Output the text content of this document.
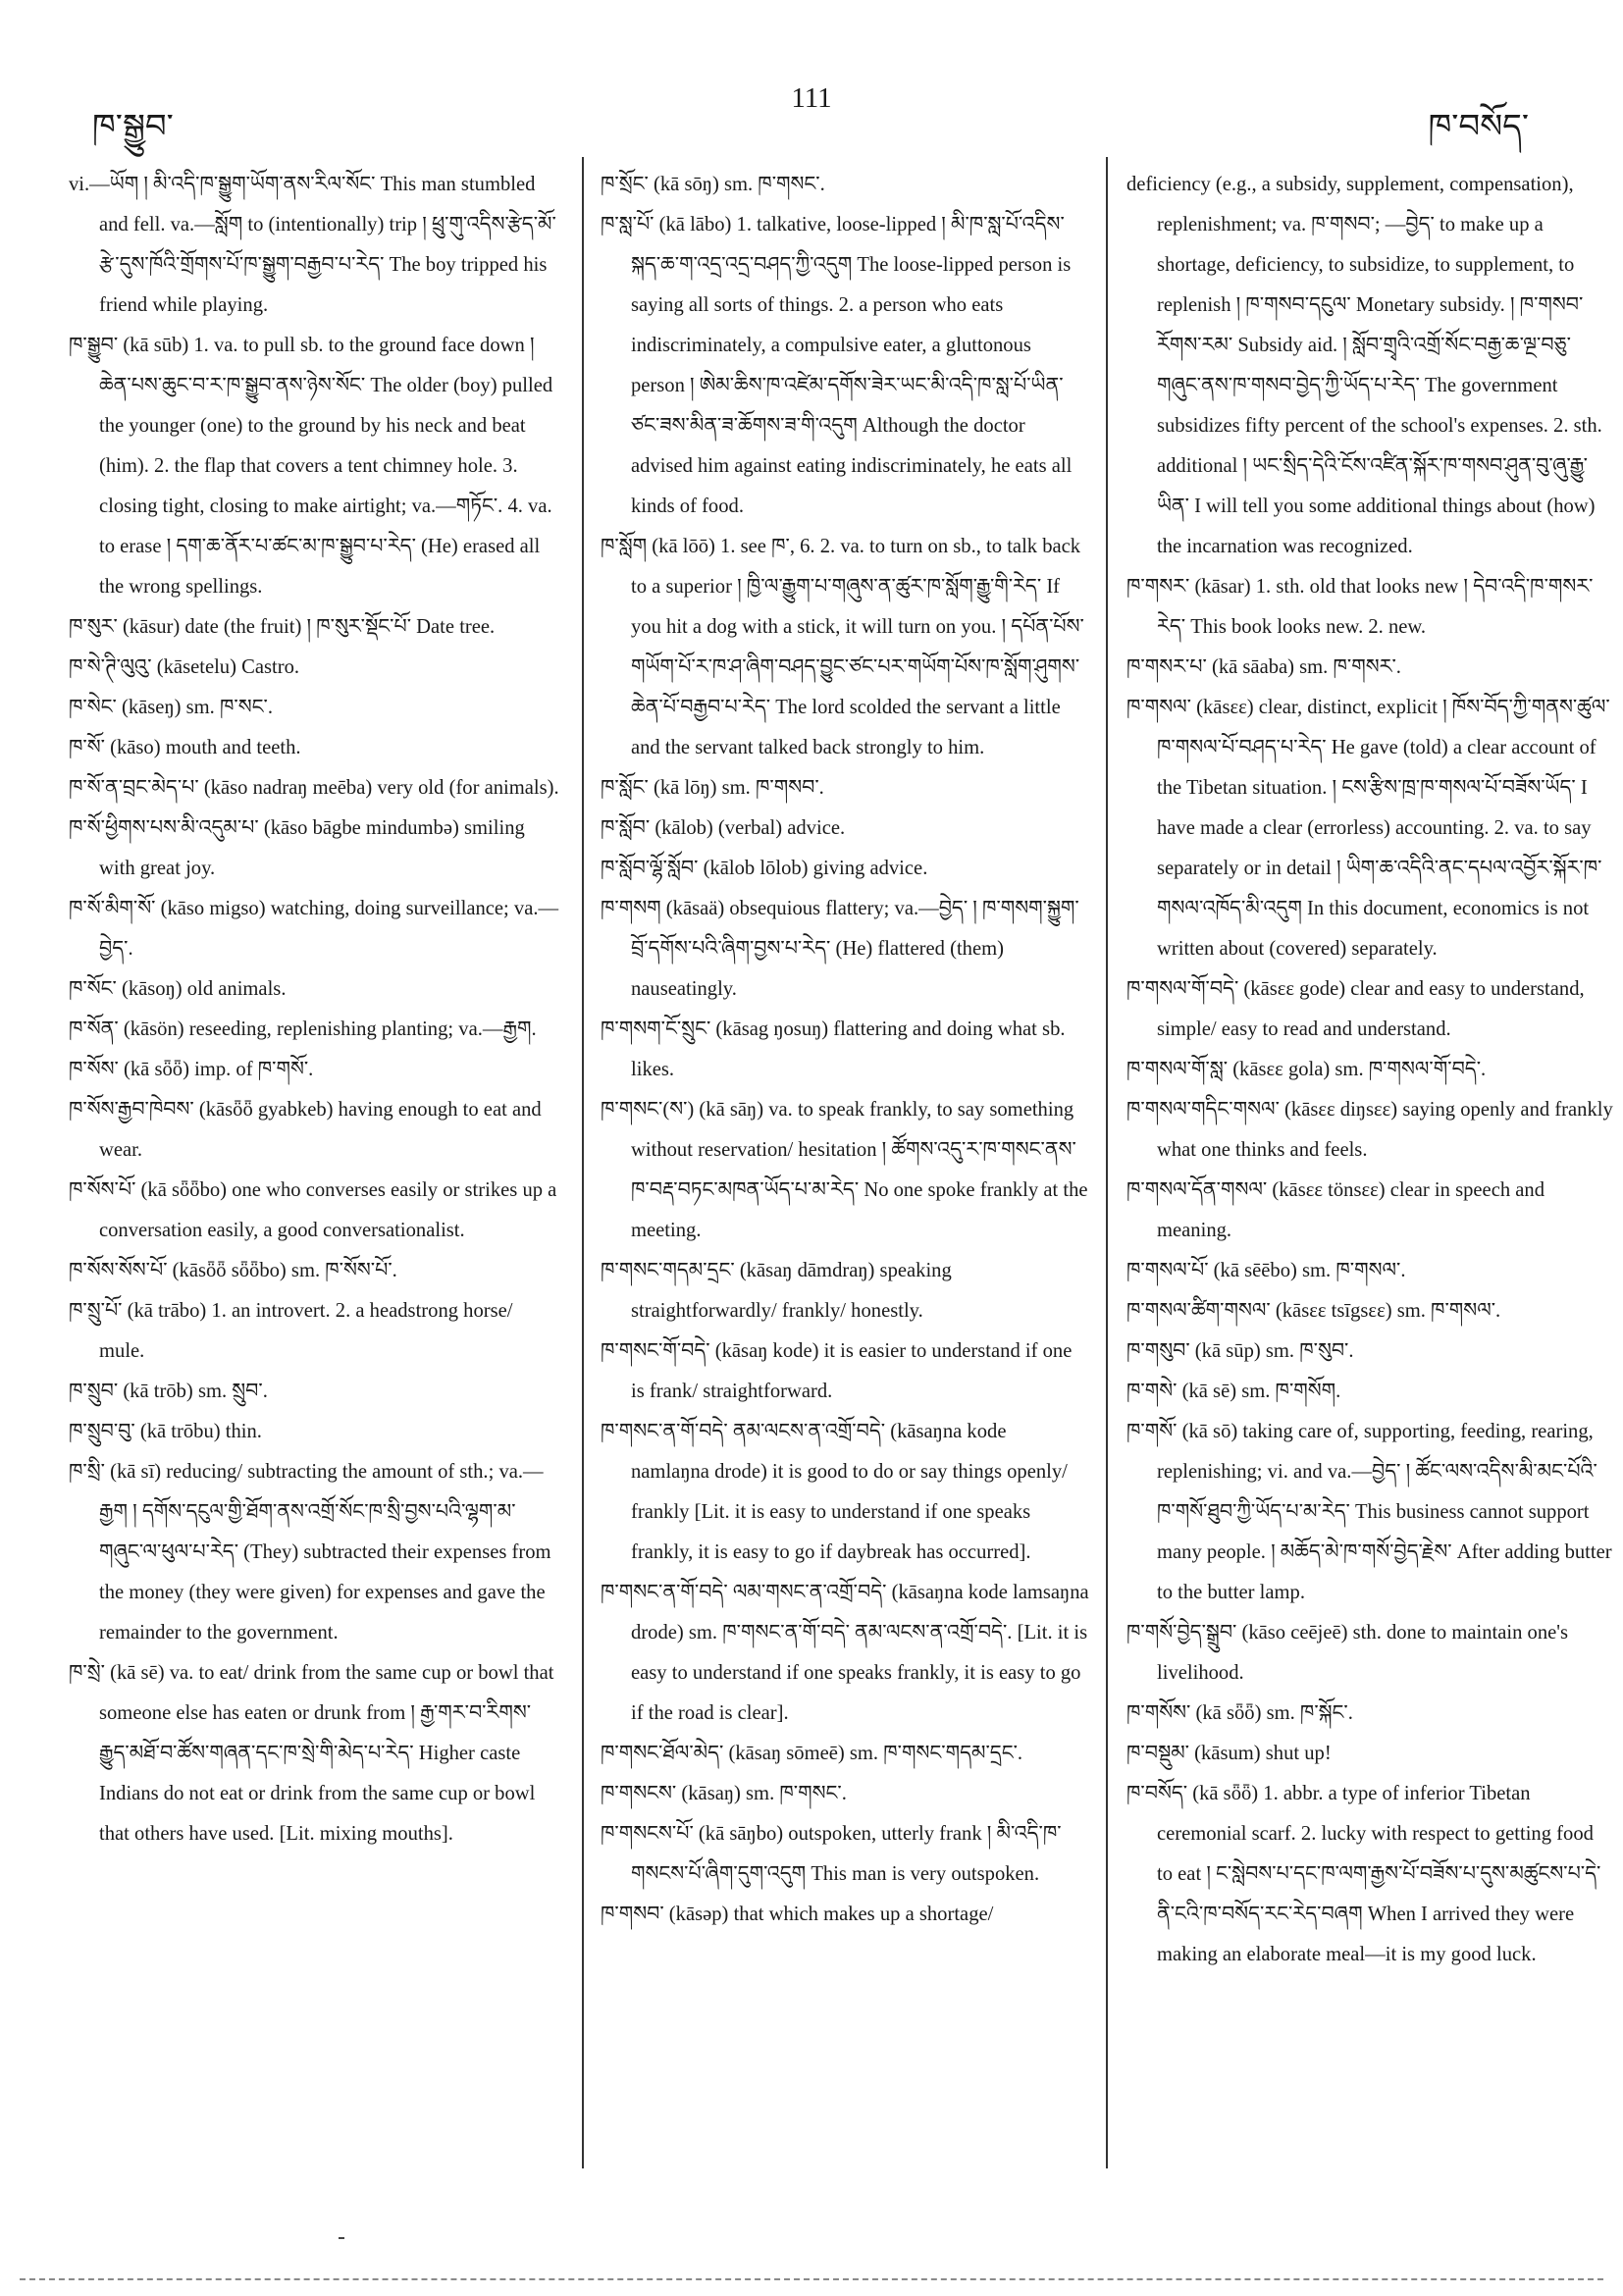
ཁ་སྒྱུབ་
111
ཁ་བསོད་

vi.—ཡོག ། མི་འདི་ཁ་སྒྱུག་ཡོག་ནས་རིལ་སོང་ This man stumbled and fell. va.—སློག to (intentionally) trip ། ཕྲུ་གུ་འདིས་རྩེད་མོ་རྩེ་དུས་ཁོའི་གྲོགས་པོ་ཁ་སྒྱུག་བརྒྱབ་པ་རེད་ The boy tripped his friend while playing.

ཁ་སྒྱུབ་ (kā sūb) 1. va. to pull sb. to the ground face down ། ཆེན་པས་ཆུང་བ་ར་ཁ་སྒྱུབ་ནས་ཉེས་སོང་ The older (boy) pulled the younger (one) to the ground by his neck and beat (him). 2. the flap that covers a tent chimney hole. 3. closing tight, closing to make airtight; va.—གཏོང་. 4. va. to erase ། དག་ཆ་ནོར་པ་ཚང་མ་ཁ་སྒྱུབ་པ་རེད་ (He) erased all the wrong spellings.

ཁ་སུར་ (kāsur) date (the fruit) ། ཁ་སུར་སྡོང་པོ་ Date tree.

ཁ་སེ་ཊི་ལུའུ་ (kāsetelu) Castro.

ཁ་སེང་ (kāseŋ) sm. ཁ་སང་.

ཁ་སོ་ (kāso) mouth and teeth.

ཁ་སོ་ན་བྲང་མེད་པ་ (kāso nadraŋ meēba) very old (for animals).

ཁ་སོ་ཕྱིགས་པས་མི་འདུམ་པ་ (kāso bāgbe mindumbə) smiling with great joy.

ཁ་སོ་མིག་སོ་ (kāso migso) watching, doing surveillance; va.—བྱེད་.

ཁ་སོང་ (kāsoŋ) old animals.

ཁ་སོན་ (kāsön) reseeding, replenishing planting; va.—རྒྱག.

ཁ་སོས་ (kā sȫȫ) imp. of ཁ་གསོ་.

ཁ་སོས་རྒྱབ་ཁེབས་ (kāsȫȫ gyabkeb) having enough to eat and wear.

ཁ་སོས་པོ་ (kā sȫȫbo) one who converses easily or strikes up a conversation easily, a good conversationalist.

ཁ་སོས་སོས་པོ་ (kāsȫȫ sȫȫbo) sm. ཁ་སོས་པོ་.

ཁ་སྲུ་པོ་ (kā trābo) 1. an introvert. 2. a headstrong horse/ mule.

ཁ་སྲུབ་ (kā trōb) sm. སྲུབ་.

ཁ་སྲུབ་བུ་ (kā trōbu) thin.

ཁ་སྲི་ (kā sī) reducing/ subtracting the amount of sth.; va.—རྒྱག ། དགོས་དངུལ་གྱི་ཐོག་ནས་འགྲོ་སོང་ཁ་སྲི་བྱས་པའི་ལྷག་མ་གཞུང་ལ་ཕུལ་པ་རེད་ (They) subtracted their expenses from the money (they were given) for expenses and gave the remainder to the government.

ཁ་སྲེ་ (kā sē) va. to eat/ drink from the same cup or bowl that someone else has eaten or drunk from ། རྒྱ་གར་བ་རིགས་རྒྱུད་མཐོ་བ་ཚོས་གཞན་དང་ཁ་སྲེ་གི་མེད་པ་རེད་ Higher caste Indians do not eat or drink from the same cup or bowl that others have used. [Lit. mixing mouths].

ཁ་སྲོང་ (kā sōŋ) sm. ཁ་གསང་.

ཁ་སླ་པོ་ (kā lābo) 1. talkative, loose-lipped ། མི་ཁ་སླ་པོ་འདིས་སྐད་ཆ་ག་འདྲ་འདྲ་བཤད་ཀྱི་འདུག The loose-lipped person is saying all sorts of things. 2. a person who eats indiscriminately, a compulsive eater, a gluttonous person ། ཨེམ་ཆིས་ཁ་འཛེམ་དགོས་ཟེར་ཡང་མི་འདི་ཁ་སླ་པོ་ཡིན་ཙང་ཟས་མིན་ཟ་ཆོགས་ཟ་གི་འདུག Although the doctor advised him against eating indiscriminately, he eats all kinds of food.

ཁ་སློག (kā lōō) 1. see ཁ་, 6. 2. va. to turn on sb., to talk back to a superior ། ཁྱི་ལ་རྒྱུག་པ་གཞུས་ན་ཚུར་ཁ་སློག་རྒྱུ་གི་རེད་ If you hit a dog with a stick, it will turn on you. ། དཔོན་པོས་གཡོག་པོ་ར་ཁ་ཤ་ཞིག་བཤད་བྱུང་ཙང་པར་གཡོག་པོས་ཁ་སློག་ཤུགས་ཆེན་པོ་བརྒྱབ་པ་རེད་ The lord scolded the servant a little and the servant talked back strongly to him.

ཁ་སློང་ (kā lōŋ) sm. ཁ་གསབ་.

ཁ་སློབ་ (kālob) (verbal) advice.

ཁ་སློབ་ལྷོ་སློབ་ (kālob lōlob) giving advice.

ཁ་གསག (kāsaä) obsequious flattery; va.—བྱེད་ ། ཁ་གསག་སྐྱུག་བྲོ་དགོས་པའི་ཞིག་བྱས་པ་རེད་ (He) flattered (them) nauseatingly.

ཁ་གསག་ངོ་སྲུང་ (kāsag ŋosuŋ) flattering and doing what sb. likes.

ཁ་གསང་(ས་) (kā sāŋ) va. to speak frankly, to say something without reservation/ hesitation ། ཚོགས་འདུ་ར་ཁ་གསང་ནས་ཁ་བརྡ་བཏང་མཁན་ཡོད་པ་མ་རེད་ No one spoke frankly at the meeting.

ཁ་གསང་གདམ་དྲང་ (kāsaŋ dāmdraŋ) speaking straightforwardly/ frankly/ honestly.

ཁ་གསང་གོ་བདེ་ (kāsaŋ kode) it is easier to understand if one is frank/ straightforward.

ཁ་གསང་ན་གོ་བདེ་ ནམ་ལངས་ན་འགྲོ་བདེ་ (kāsaŋna kode namlaŋna drode) it is good to do or say things openly/ frankly [Lit. it is easy to understand if one speaks frankly, it is easy to go if daybreak has occurred].

ཁ་གསང་ན་གོ་བདེ་ ལམ་གསང་ན་འགྲོ་བདེ་ (kāsaŋna kode lamsaŋna drode) sm. ཁ་གསང་ན་གོ་བདེ་ ནམ་ལངས་ན་འགྲོ་བདེ་. [Lit. it is easy to understand if one speaks frankly, it is easy to go if the road is clear].

ཁ་གསང་ཐོལ་མེད་ (kāsaŋ sōmeē) sm. ཁ་གསང་གདམ་དྲང་.

ཁ་གསངས་ (kāsaŋ) sm. ཁ་གསང་.

ཁ་གསངས་པོ་ (kā sāŋbo) outspoken, utterly frank ། མི་འདི་ཁ་གསངས་པོ་ཞིག་དུག་འདུག This man is very outspoken.

ཁ་གསབ་ (kāsəp) that which makes up a shortage/

deficiency (e.g., a subsidy, supplement, compensation), replenishment; va. ཁ་གསབ་; —བྱེད་ to make up a shortage, deficiency, to subsidize, to supplement, to replenish ། ཁ་གསབ་དངུལ་ Monetary subsidy. ། ཁ་གསབ་རོགས་རམ་ Subsidy aid. ། སློབ་གྲྭའི་འགྲོ་སོང་བརྒྱ་ཆ་ལྔ་བཅུ་གཞུང་ནས་ཁ་གསབ་བྱེད་ཀྱི་ཡོད་པ་རེད་ The government subsidizes fifty percent of the school's expenses. 2. sth. additional ། ཡང་སྲིད་དེའི་ངོས་འཛིན་སྐོར་ཁ་གསབ་ཤུན་བུ་ཞུ་རྒྱུ་ཡིན་ I will tell you some additional things about (how) the incarnation was recognized.

ཁ་གསར་ (kāsar) 1. sth. old that looks new ། དེབ་འདི་ཁ་གསར་རེད་ This book looks new. 2. new.

ཁ་གསར་པ་ (kā sāaba) sm. ཁ་གསར་.

ཁ་གསལ་ (kāsεε) clear, distinct, explicit ། ཁོས་བོད་ཀྱི་གནས་ཚུལ་ཁ་གསལ་པོ་བཤད་པ་རེད་ He gave (told) a clear account of the Tibetan situation. ། ངས་རྩིས་ཁྲ་ཁ་གསལ་པོ་བཟོས་ཡོད་ I have made a clear (errorless) accounting. 2. va. to say separately or in detail ། ཡིག་ཆ་འདིའི་ནང་དཔལ་འབྱོར་སྐོར་ཁ་གསལ་འཁོད་མི་འདུག In this document, economics is not written about (covered) separately.

ཁ་གསལ་གོ་བདེ་ (kāsεε gode) clear and easy to understand, simple/ easy to read and understand.

ཁ་གསལ་གོ་སླ་ (kāsεε gola) sm. ཁ་གསལ་གོ་བདེ་.

ཁ་གསལ་གདིང་གསལ་ (kāsεε diŋsεε) saying openly and frankly what one thinks and feels.

ཁ་གསལ་དོན་གསལ་ (kāsεε tönsεε) clear in speech and meaning.

ཁ་གསལ་པོ་ (kā sēēbo) sm. ཁ་གསལ་.

ཁ་གསལ་ཚིག་གསལ་ (kāsεε tsīgsεε) sm. ཁ་གསལ་.

ཁ་གསུབ་ (kā sūp) sm. ཁ་སུབ་.

ཁ་གསེ་ (kā sē) sm. ཁ་གསོག.

ཁ་གསོ་ (kā sō) taking care of, supporting, feeding, rearing, replenishing; vi. and va.—བྱེད་ ། ཚོང་ལས་འདིས་མི་མང་པོའི་ཁ་གསོ་ཐུབ་ཀྱི་ཡོད་པ་མ་རེད་ This business cannot support many people. ། མཆོད་མེ་ཁ་གསོ་བྱེད་རྗེས་ After adding butter to the butter lamp.

ཁ་གསོ་བྱེད་སྒྲུབ་ (kāso ceējeē) sth. done to maintain one's livelihood.

ཁ་གསོས་ (kā sȫȫ) sm. ཁ་སྐོང་.

ཁ་བསྡུམ་ (kāsum) shut up!

ཁ་བསོད་ (kā sȫȫ) 1. abbr. a type of inferior Tibetan ceremonial scarf. 2. lucky with respect to getting food to eat ། ང་སླེབས་པ་དང་ཁ་ལག་རྒྱས་པོ་བཟོས་པ་དུས་མཚུངས་པ་དེ་ནི་ངའི་ཁ་བསོད་རང་རེད་བཞག When I arrived they were making an elaborate meal—it is my good luck.
